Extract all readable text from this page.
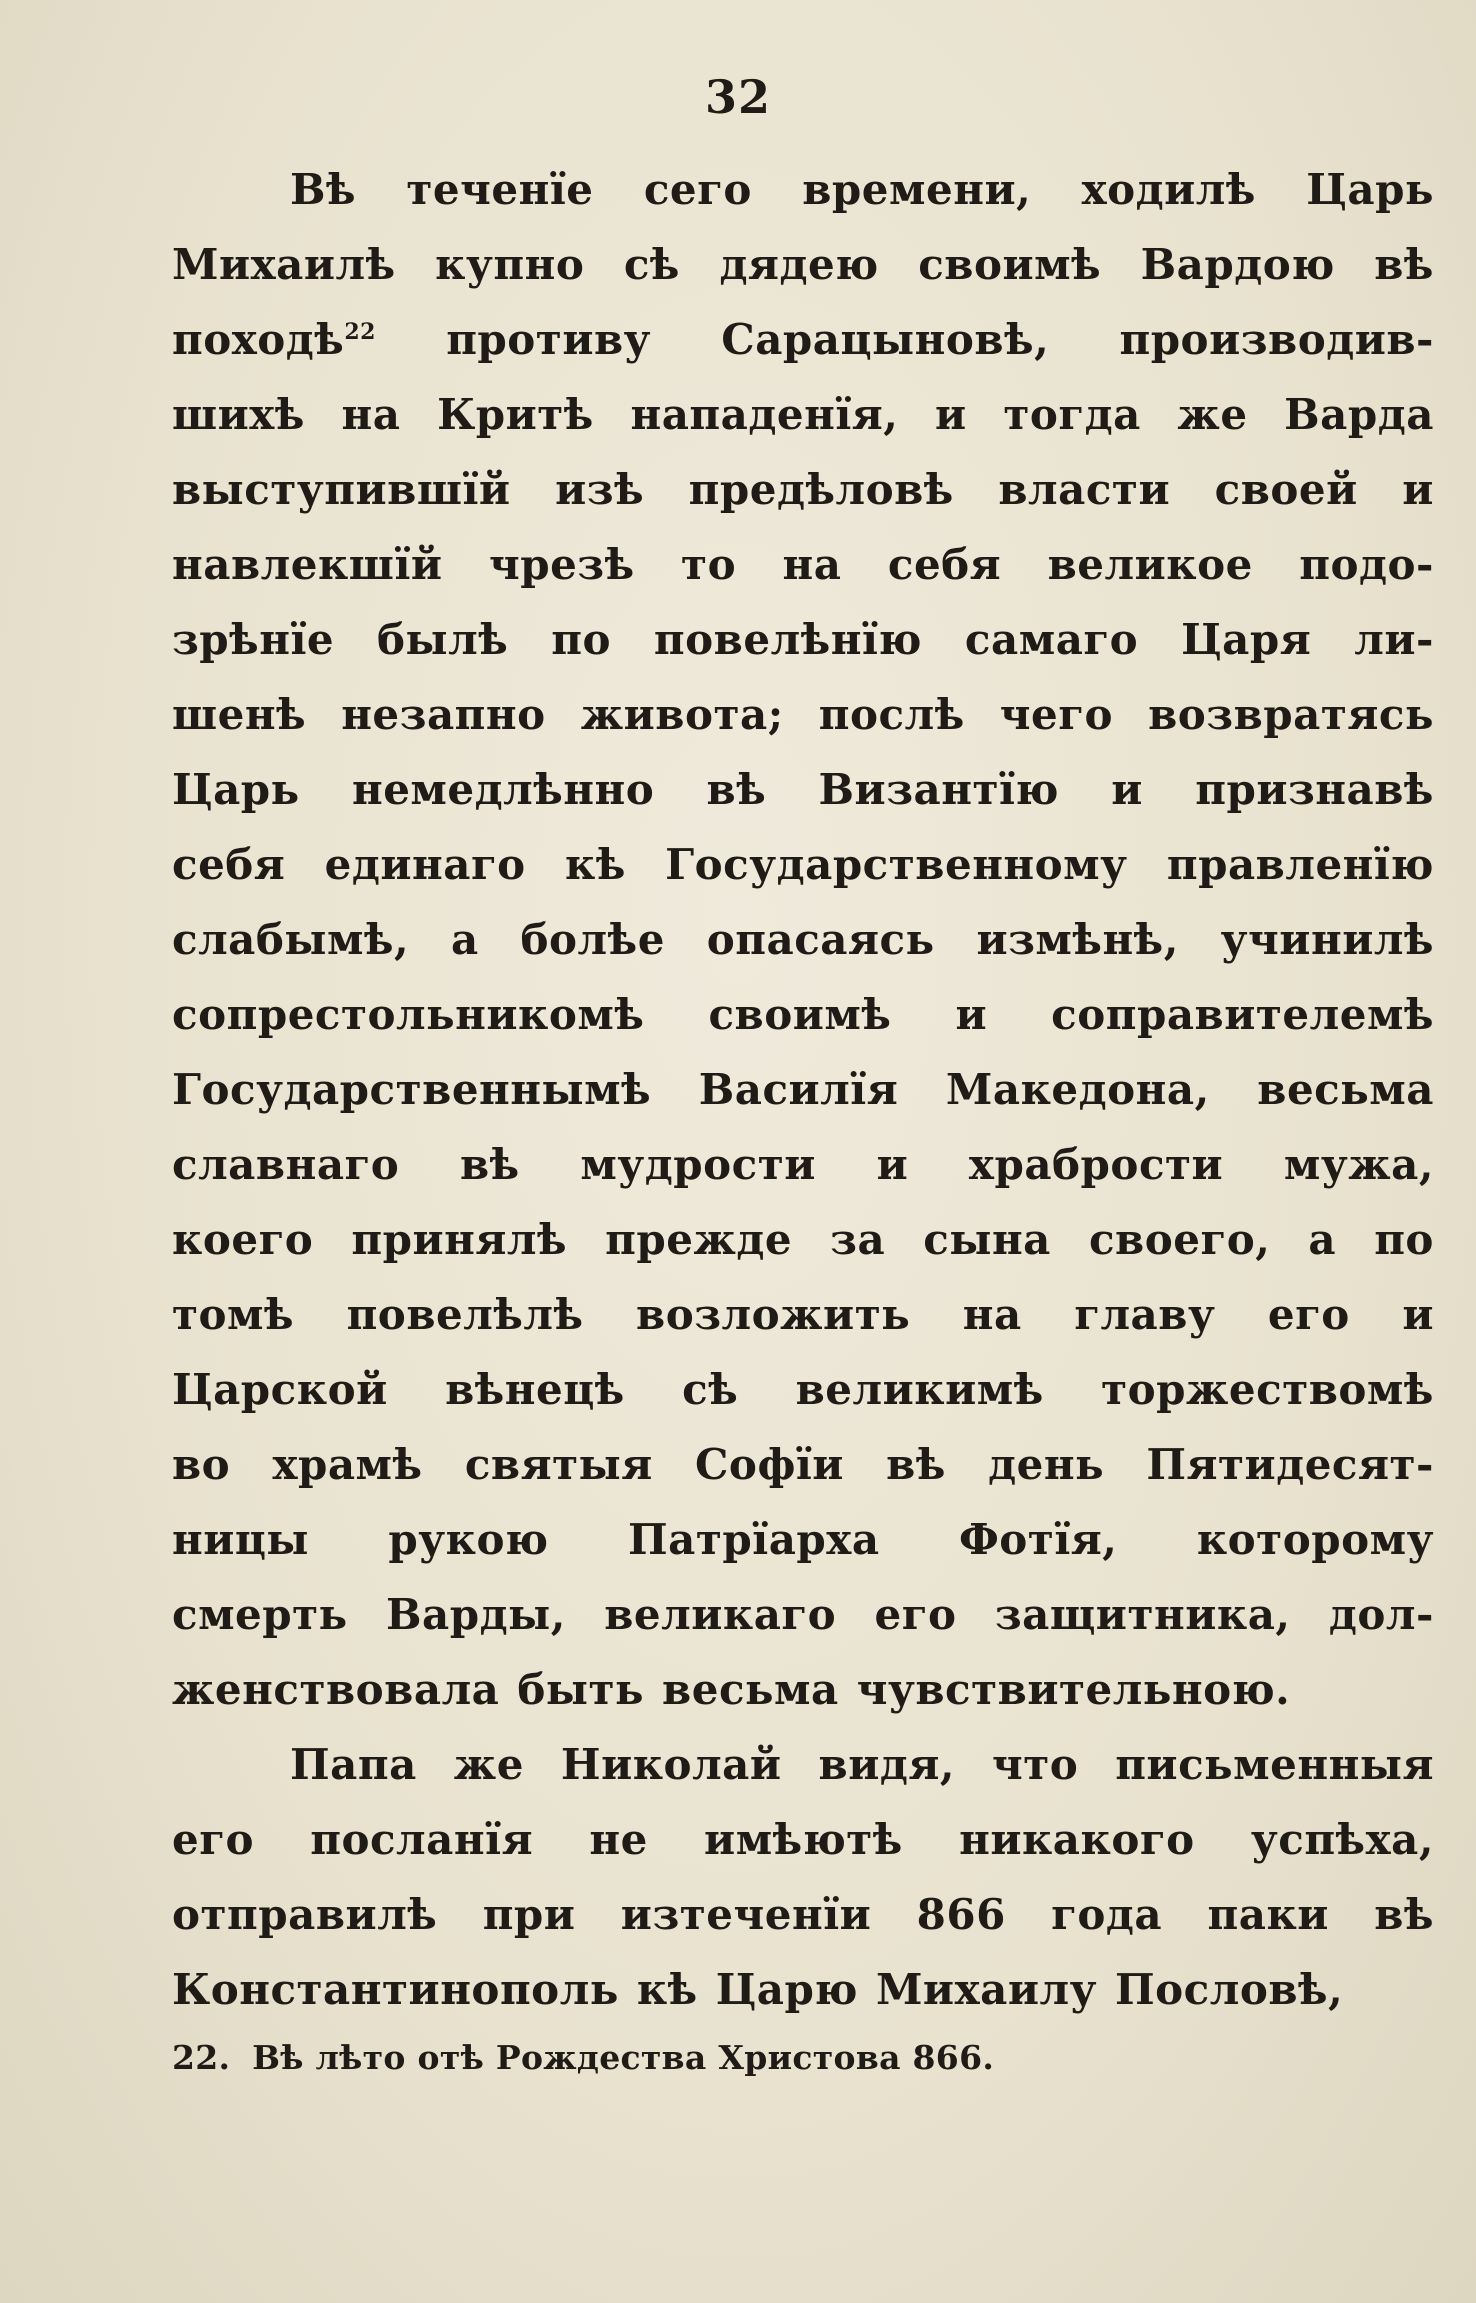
32
Вѣ теченїе сего времени, ходилѣ Царь
Михаилѣ купно сѣ дядею своимѣ Вардою вѣ
походѣ$^{22}$ противу Сарацыновѣ, производив-
шихѣ на Критѣ нападенїя, и тогда же Варда
выступившїй изѣ предѣловѣ власти своей и
навлекшїй чрезѣ то на себя великое подо-
зрѣнїе былѣ по повелѣнїю самаго Царя ли-
шенѣ незапно живота; послѣ чего возвратясь
Царь немедлѣнно вѣ Византїю и признавѣ
себя единаго кѣ Государственному правленїю
слабымѣ, а болѣе опасаясь измѣнѣ, учинилѣ
сопрестольникомѣ своимѣ и соправителемѣ
Государственнымѣ Василїя Македона, весьма
славнаго вѣ мудрости и храбрости мужа,
коего принялѣ прежде за сына своего, а по
томѣ повелѣлѣ возложить на главу его и
Царской вѣнецѣ сѣ великимѣ торжествомѣ
во храмѣ святыя Софїи вѣ день Пятидесят-
ницы рукою Патрїарха Фотїя, которому
смерть Варды, великаго его защитника, дол-
женствовала быть весьма чувствительною.
Папа же Николай видя, что письменныя
его посланїя не имѣютѣ никакого успѣха,
отправилѣ при изтеченїи 866 года паки вѣ
Константинополь кѣ Царю Михаилу Пословѣ,
22. Вѣ лѣто отѣ Рождества Христова 866.
